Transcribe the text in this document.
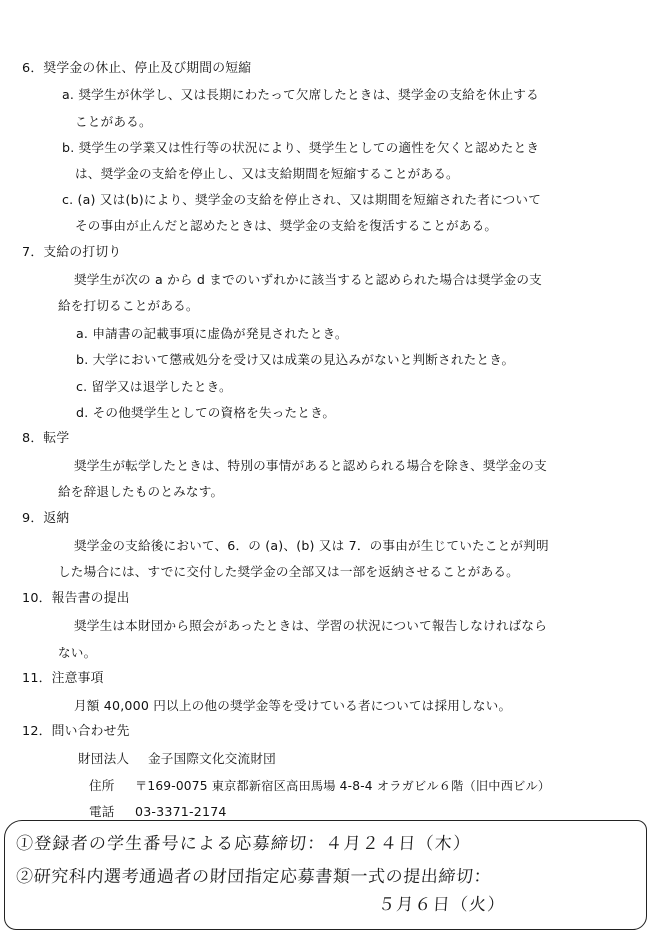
6．奨学金の休止、停止及び期間の短縮
a. 奨学生が休学し、又は長期にわたって欠席したときは、奨学金の支給を休止する
ことがある。
b. 奨学生の学業又は性行等の状況により、奨学生としての適性を欠くと認めたとき
は、奨学金の支給を停止し、又は支給期間を短縮することがある。
c. (a) 又は(b)により、奨学金の支給を停止され、又は期間を短縮された者について
その事由が止んだと認めたときは、奨学金の支給を復活することがある。
7．支給の打切り
奨学生が次の a から d までのいずれかに該当すると認められた場合は奨学金の支
給を打切ることがある。
a. 申請書の記載事項に虚偽が発見されたとき。
b. 大学において懲戒処分を受け又は成業の見込みがないと判断されたとき。
c. 留学又は退学したとき。
d. その他奨学生としての資格を失ったとき。
8．転学
奨学生が転学したときは、特別の事情があると認められる場合を除き、奨学金の支
給を辞退したものとみなす。
9．返納
奨学金の支給後において、6．の (a)、(b) 又は 7．の事由が生じていたことが判明
した場合には、すでに交付した奨学金の全部又は一部を返納させることがある。
10．報告書の提出
奨学生は本財団から照会があったときは、学習の状況について報告しなければなら
ない。
11．注意事項
月額 40,000 円以上の他の奨学金等を受けている者については採用しない。
12．問い合わせ先
財団法人 金子国際文化交流財団
住所 〒169-0075 東京都新宿区高田馬場 4-8-4 オラガビル６階（旧中西ビル）
電話 03-3371-2174
①登録者の学生番号による応募締切：４月２４日（木）
②研究科内選考通過者の財団指定応募書類一式の提出締切：
５月６日（火）
